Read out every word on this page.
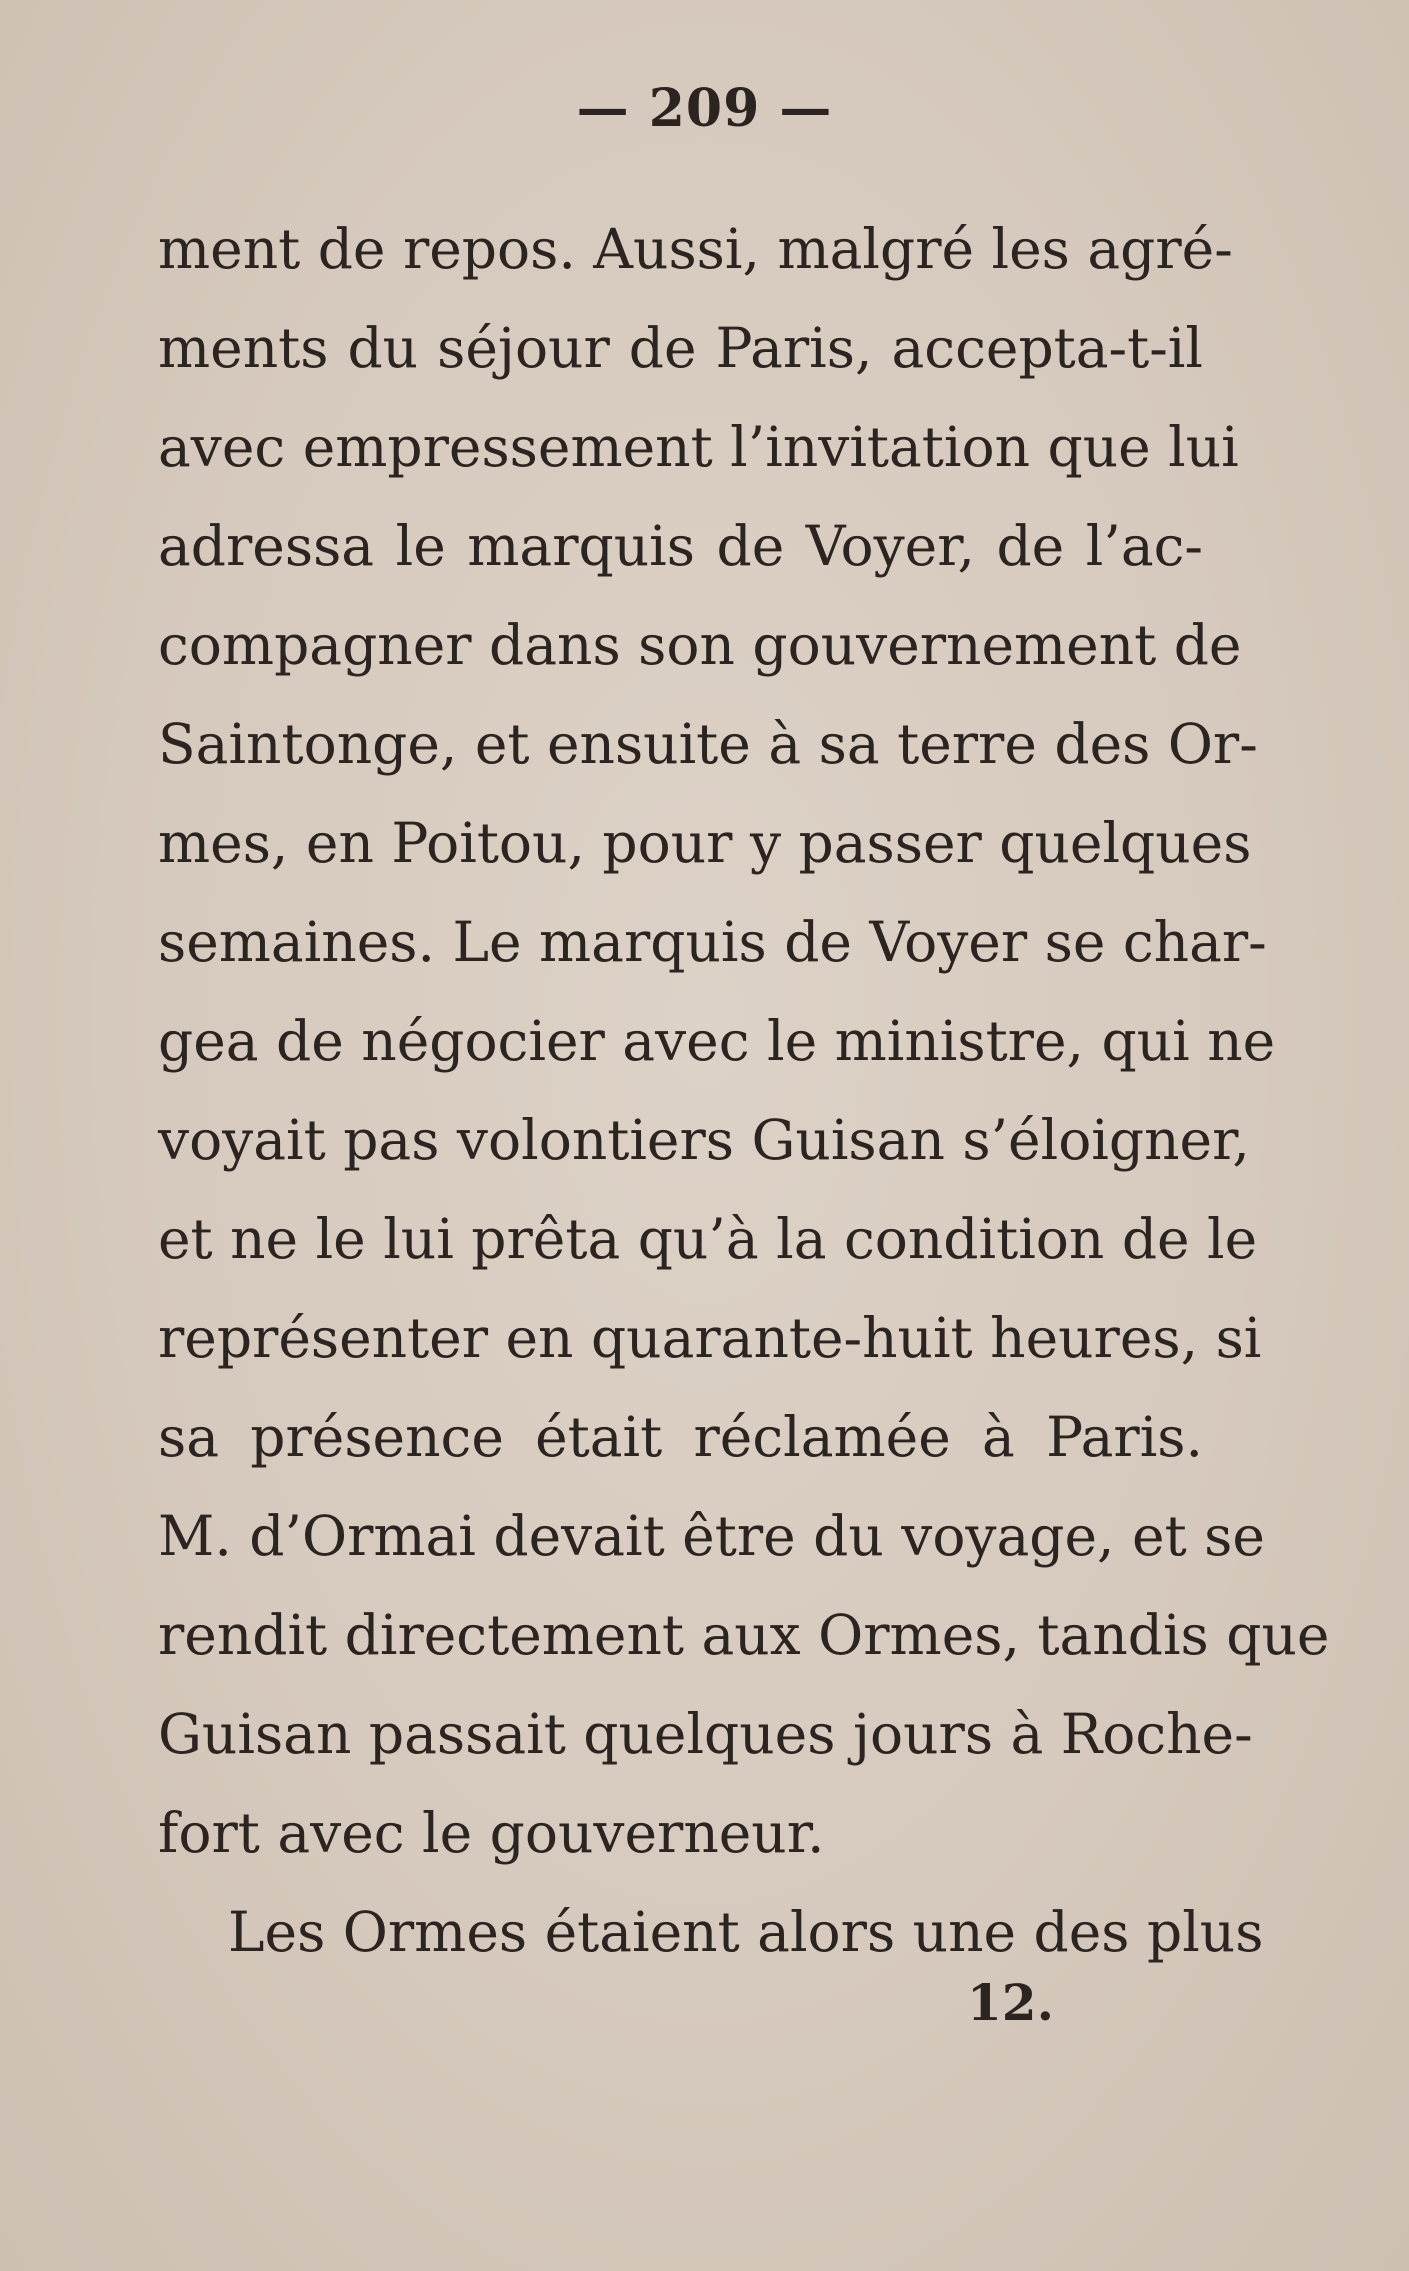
— 209 —
ment de repos. Aussi, malgré les agré-
ments du séjour de Paris, accepta-t-il
avec empressement l’invitation que lui
adressa le marquis de Voyer, de l’ac-
compagner dans son gouvernement de
Saintonge, et ensuite à sa terre des Or-
mes, en Poitou, pour y passer quelques
semaines. Le marquis de Voyer se char-
gea de négocier avec le ministre, qui ne
voyait pas volontiers Guisan s’éloigner,
et ne le lui prêta qu’à la condition de le
représenter en quarante-huit heures, si
sa présence était réclamée à Paris.
M. d’Ormai devait être du voyage, et se
rendit directement aux Ormes, tandis que
Guisan passait quelques jours à Roche-
fort avec le gouverneur.
Les Ormes étaient alors une des plus
12.
